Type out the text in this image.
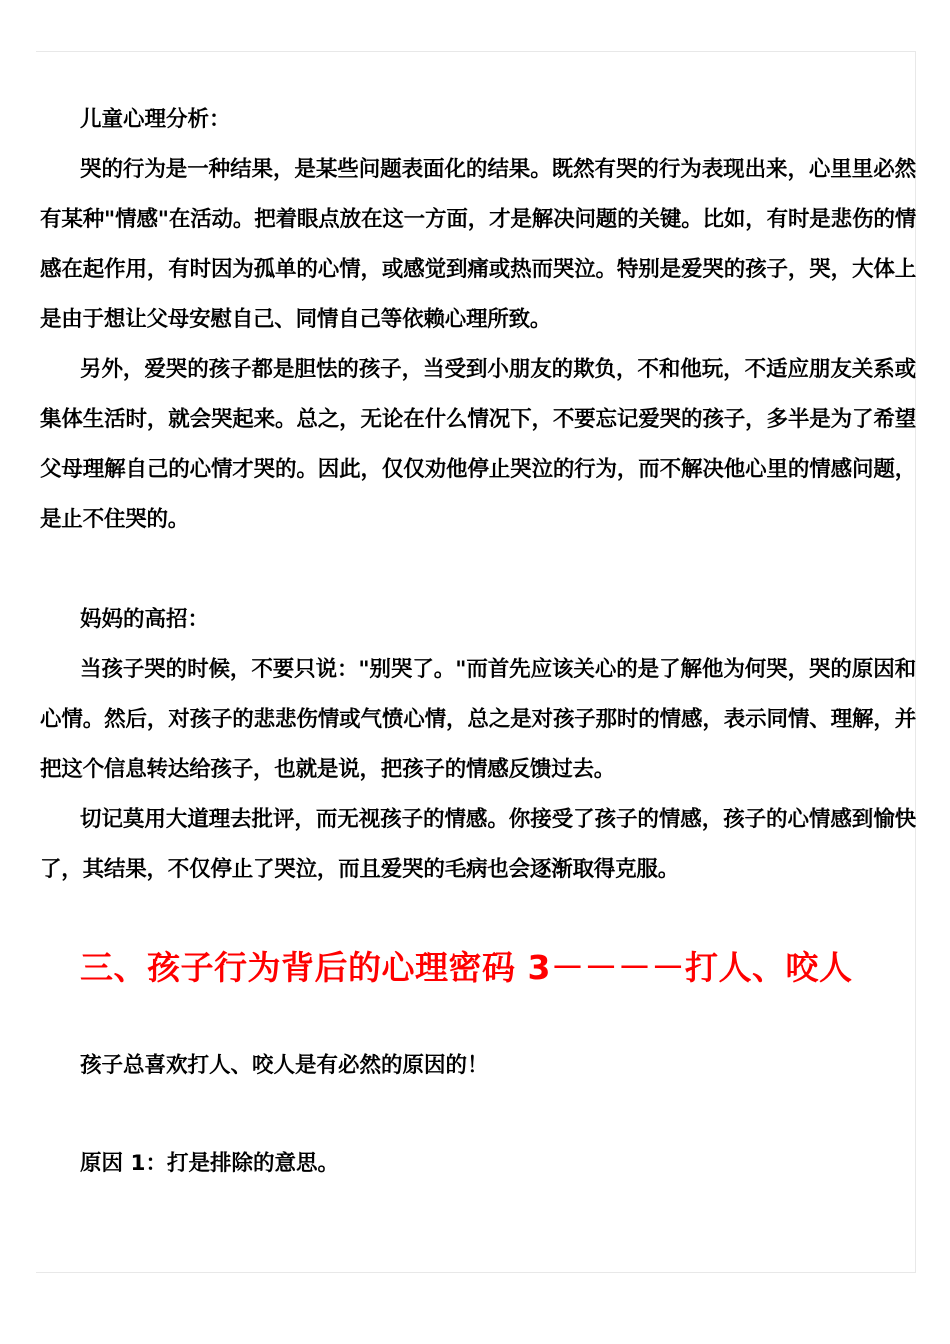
儿童心理分析：

哭的行为是一种结果，是某些问题表面化的结果。既然有哭的行为表现出来，心里里必然有某种"情感"在活动。把着眼点放在这一方面，才是解决问题的关键。比如，有时是悲伤的情感在起作用，有时因为孤单的心情，或感觉到痛或热而哭泣。特别是爱哭的孩子，哭，大体上是由于想让父母安慰自己、同情自己等依赖心理所致。

另外，爱哭的孩子都是胆怯的孩子，当受到小朋友的欺负，不和他玩，不适应朋友关系或集体生活时，就会哭起来。总之，无论在什么情况下，不要忘记爱哭的孩子，多半是为了希望父母理解自己的心情才哭的。因此，仅仅劝他停止哭泣的行为，而不解决他心里的情感问题，是止不住哭的。

妈妈的高招：

当孩子哭的时候，不要只说："别哭了。"而首先应该关心的是了解他为何哭，哭的原因和心情。然后，对孩子的悲悲伤情或气愤心情，总之是对孩子那时的情感，表示同情、理解，并把这个信息转达给孩子，也就是说，把孩子的情感反馈过去。

切记莫用大道理去批评，而无视孩子的情感。你接受了孩子的情感，孩子的心情感到愉快了，其结果，不仅停止了哭泣，而且爱哭的毛病也会逐渐取得克服。

三、孩子行为背后的心理密码 3－－－－打人、咬人

孩子总喜欢打人、咬人是有必然的原因的！

原因 1：打是排除的意思。
